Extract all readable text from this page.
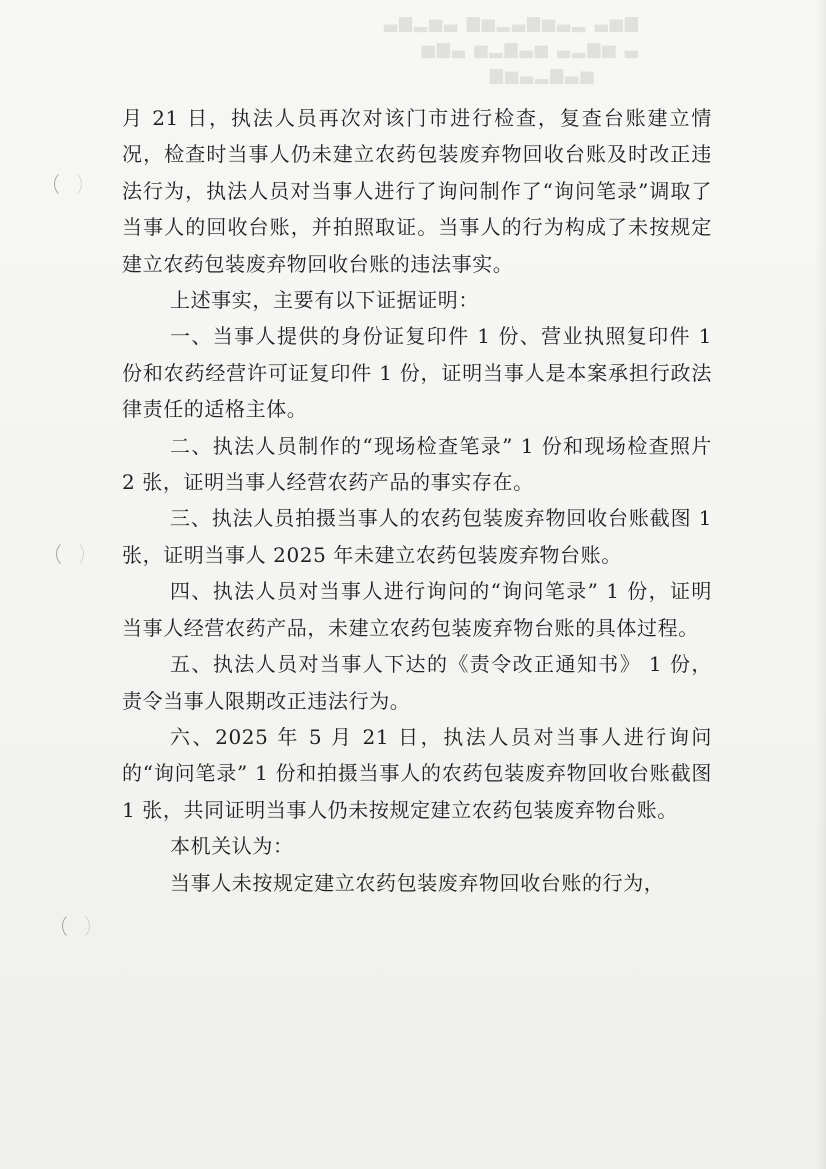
▆▅▃ ▂▃▅▆▃▂▅▆ ▃▅▂▆▃
▃ ▅▆▂▃ ▅▃▆▂▅ ▃▆▅
▅▃▆▂▃▅▆

月 21 日，执法人员再次对该门市进行检查，复查台账建立情况，检查时当事人仍未建立农药包装废弃物回收台账及时改正违法行为，执法人员对当事人进行了询问制作了“询问笔录”调取了当事人的回收台账，并拍照取证。当事人的行为构成了未按规定建立农药包装废弃物回收台账的违法事实。

上述事实，主要有以下证据证明：

一、当事人提供的身份证复印件 1 份、营业执照复印件 1 份和农药经营许可证复印件 1 份，证明当事人是本案承担行政法律责任的适格主体。

二、执法人员制作的“现场检查笔录” 1 份和现场检查照片 2 张，证明当事人经营农药产品的事实存在。

三、执法人员拍摄当事人的农药包装废弃物回收台账截图 1 张，证明当事人 2025 年未建立农药包装废弃物台账。

四、执法人员对当事人进行询问的“询问笔录” 1 份，证明当事人经营农药产品，未建立农药包装废弃物台账的具体过程。

五、执法人员对当事人下达的《责令改正通知书》 1 份，责令当事人限期改正违法行为。

六、2025 年 5 月 21 日，执法人员对当事人进行询问的“询问笔录” 1 份和拍摄当事人的农药包装废弃物回收台账截图 1 张，共同证明当事人仍未按规定建立农药包装废弃物台账。

本机关认为：

当事人未按规定建立农药包装废弃物回收台账的行为，
